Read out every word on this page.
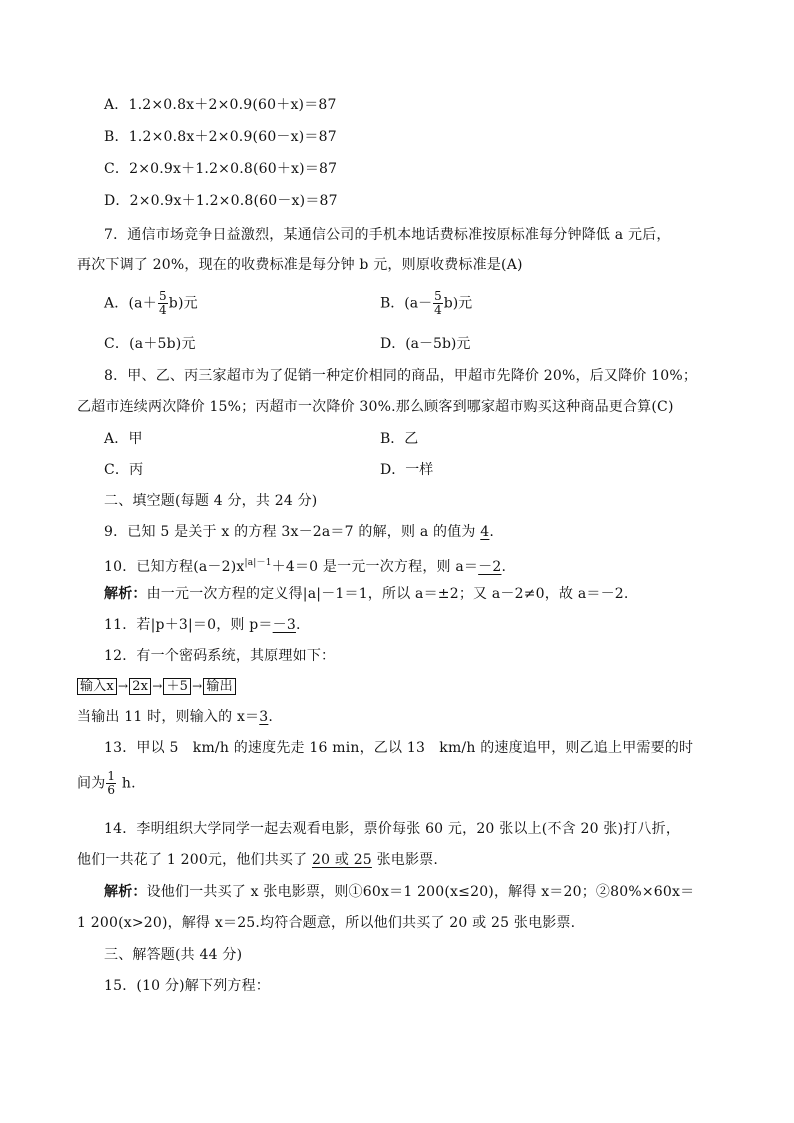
A．1.2×0.8x＋2×0.9(60＋x)＝87
B．1.2×0.8x＋2×0.9(60－x)＝87
C．2×0.9x＋1.2×0.8(60＋x)＝87
D．2×0.9x＋1.2×0.8(60－x)＝87
7．通信市场竞争日益激烈，某通信公司的手机本地话费标准按原标准每分钟降低 a 元后，
再次下调了 20%，现在的收费标准是每分钟 b 元，则原收费标准是(A)
A．$(a+ \frac{5}{4} b)$元	B．$(a- \frac{5}{4} b)$元
C．(a＋5b)元	D．(a－5b)元
8．甲、乙、丙三家超市为了促销一种定价相同的商品，甲超市先降价 20%，后又降价 10%；
乙超市连续两次降价 15%；丙超市一次降价 30%.那么顾客到哪家超市购买这种商品更合算(C)
A．甲	B．乙
C．丙	D．一样
二、填空题(每题 4 分，共 24 分)
9．已知 5 是关于 x 的方程 3x－2a＝7 的解，则 a 的值为 4.
10．已知方程$(a-2)x^{|a|-1}+4=0$ 是一元一次方程，则 a＝－2.
解析：由一元一次方程的定义得|a|－1＝1，所以 a＝±2；又 a－2≠0，故 a＝－2.
11．若|p＋3|＝0，则 p＝－3.
12．有一个密码系统，其原理如下：
输入x → 2x → ＋5 → 输出
当输出 11 时，则输入的 x＝3.
13．甲以 5　km/h 的速度先走 16 min，乙以 13　km/h 的速度追甲，则乙追上甲需要的时
间为 $\frac{1}{6} h$.
14．李明组织大学同学一起去观看电影，票价每张 60 元，20 张以上(不含 20 张)打八折，
他们一共花了 1 200元，他们共买了 20 或 25 张电影票.
解析：设他们一共买了 x 张电影票，则①60x＝1 200(x≤20)，解得 x＝20；②80%×60x＝
1 200(x>20)，解得 x＝25.均符合题意，所以他们共买了 20 或 25 张电影票.
三、解答题(共 44 分)
15．(10 分)解下列方程：
